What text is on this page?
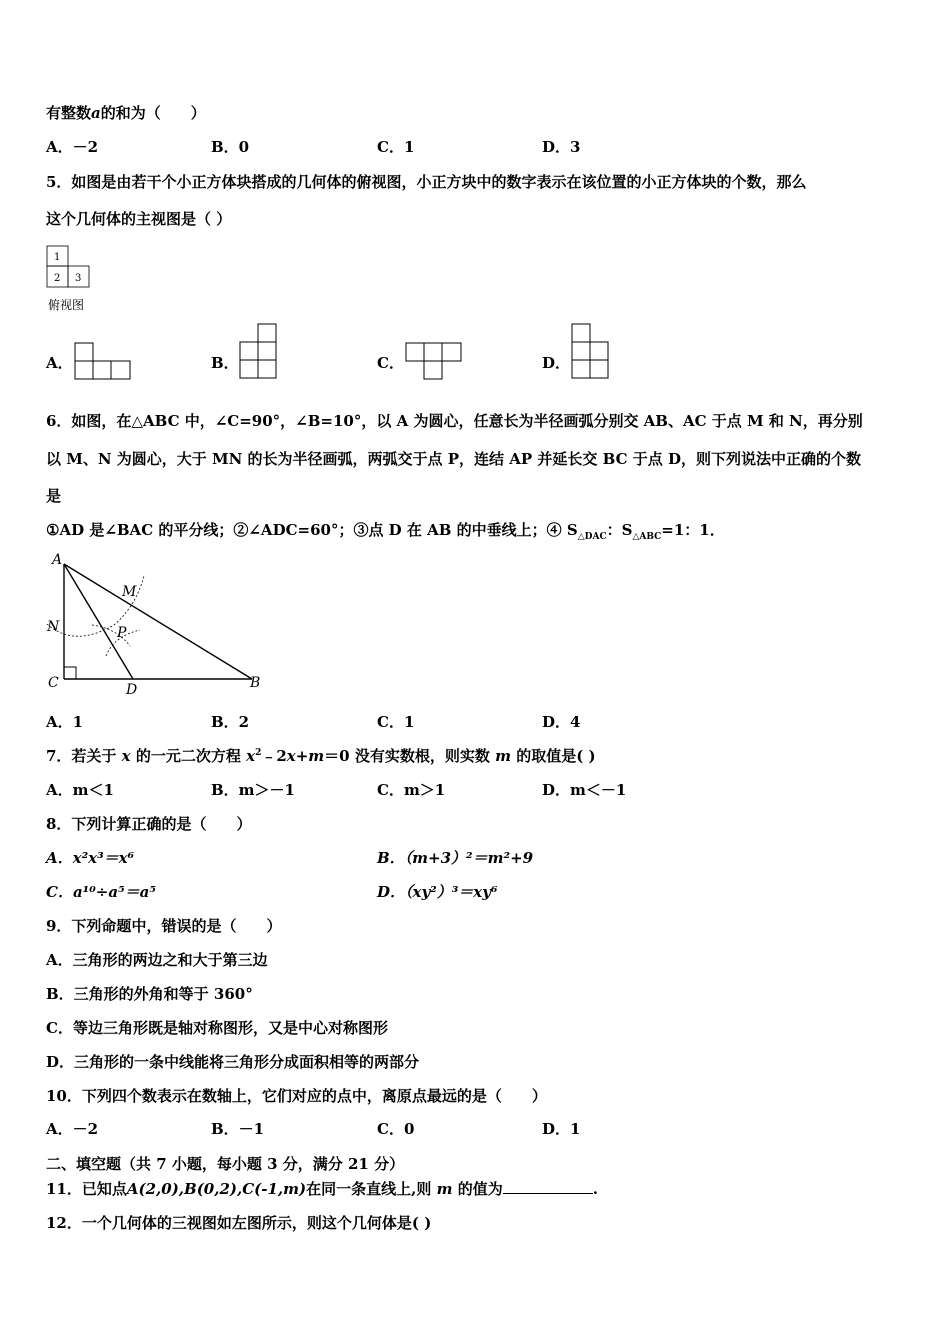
有整数a的和为（　　）
A．－2	B．0	C．1	D．3
5．如图是由若干个小正方体块搭成的几何体的俯视图，小正方块中的数字表示在该位置的小正方体块的个数，那么
这个几何体的主视图是（ ）
1
2 3
俯视图
A．	B．	C．	D．
6．如图，在△ABC 中，∠C=90°，∠B=10°，以 A 为圆心，任意长为半径画弧分别交 AB、AC 于点 M 和 N，再分别
以 M、N 为圆心，大于 MN 的长为半径画弧，两弧交于点 P，连结 AP 并延长交 BC 于点 D，则下列说法中正确的个数
是
①AD 是∠BAC 的平分线；②∠ADC=60°；③点 D 在 AB 的中垂线上；④ $S_{\triangle DAC}$：$S_{\triangle ABC}=1$：1．
A
M
N	P
C	D	B
A．1	B．2	C．1	D．4
7．若关于 x 的一元二次方程 $x^2﹣2x+m=0$ 没有实数根，则实数 m 的取值是( )
A．m＜1	B．m＞－1	C．m＞1	D．m＜－1
8．下列计算正确的是（　　）
A．x²x³＝x⁶	B．（m+3）²＝m²+9
C．a¹⁰÷a⁵＝a⁵	D．（xy²）³＝xy⁶
9．下列命题中，错误的是（　　）
A．三角形的两边之和大于第三边
B．三角形的外角和等于 360°
C．等边三角形既是轴对称图形，又是中心对称图形
D．三角形的一条中线能将三角形分成面积相等的两部分
10．下列四个数表示在数轴上，它们对应的点中，离原点最远的是（　　）
A．－2	B．－1	C．0	D．1
二、填空题（共 7 小题，每小题 3 分，满分 21 分）
11．已知点A(2,0),B(0,2),C(-1,m)在同一条直线上,则 m 的值为	.
12．一个几何体的三视图如左图所示，则这个几何体是( )
